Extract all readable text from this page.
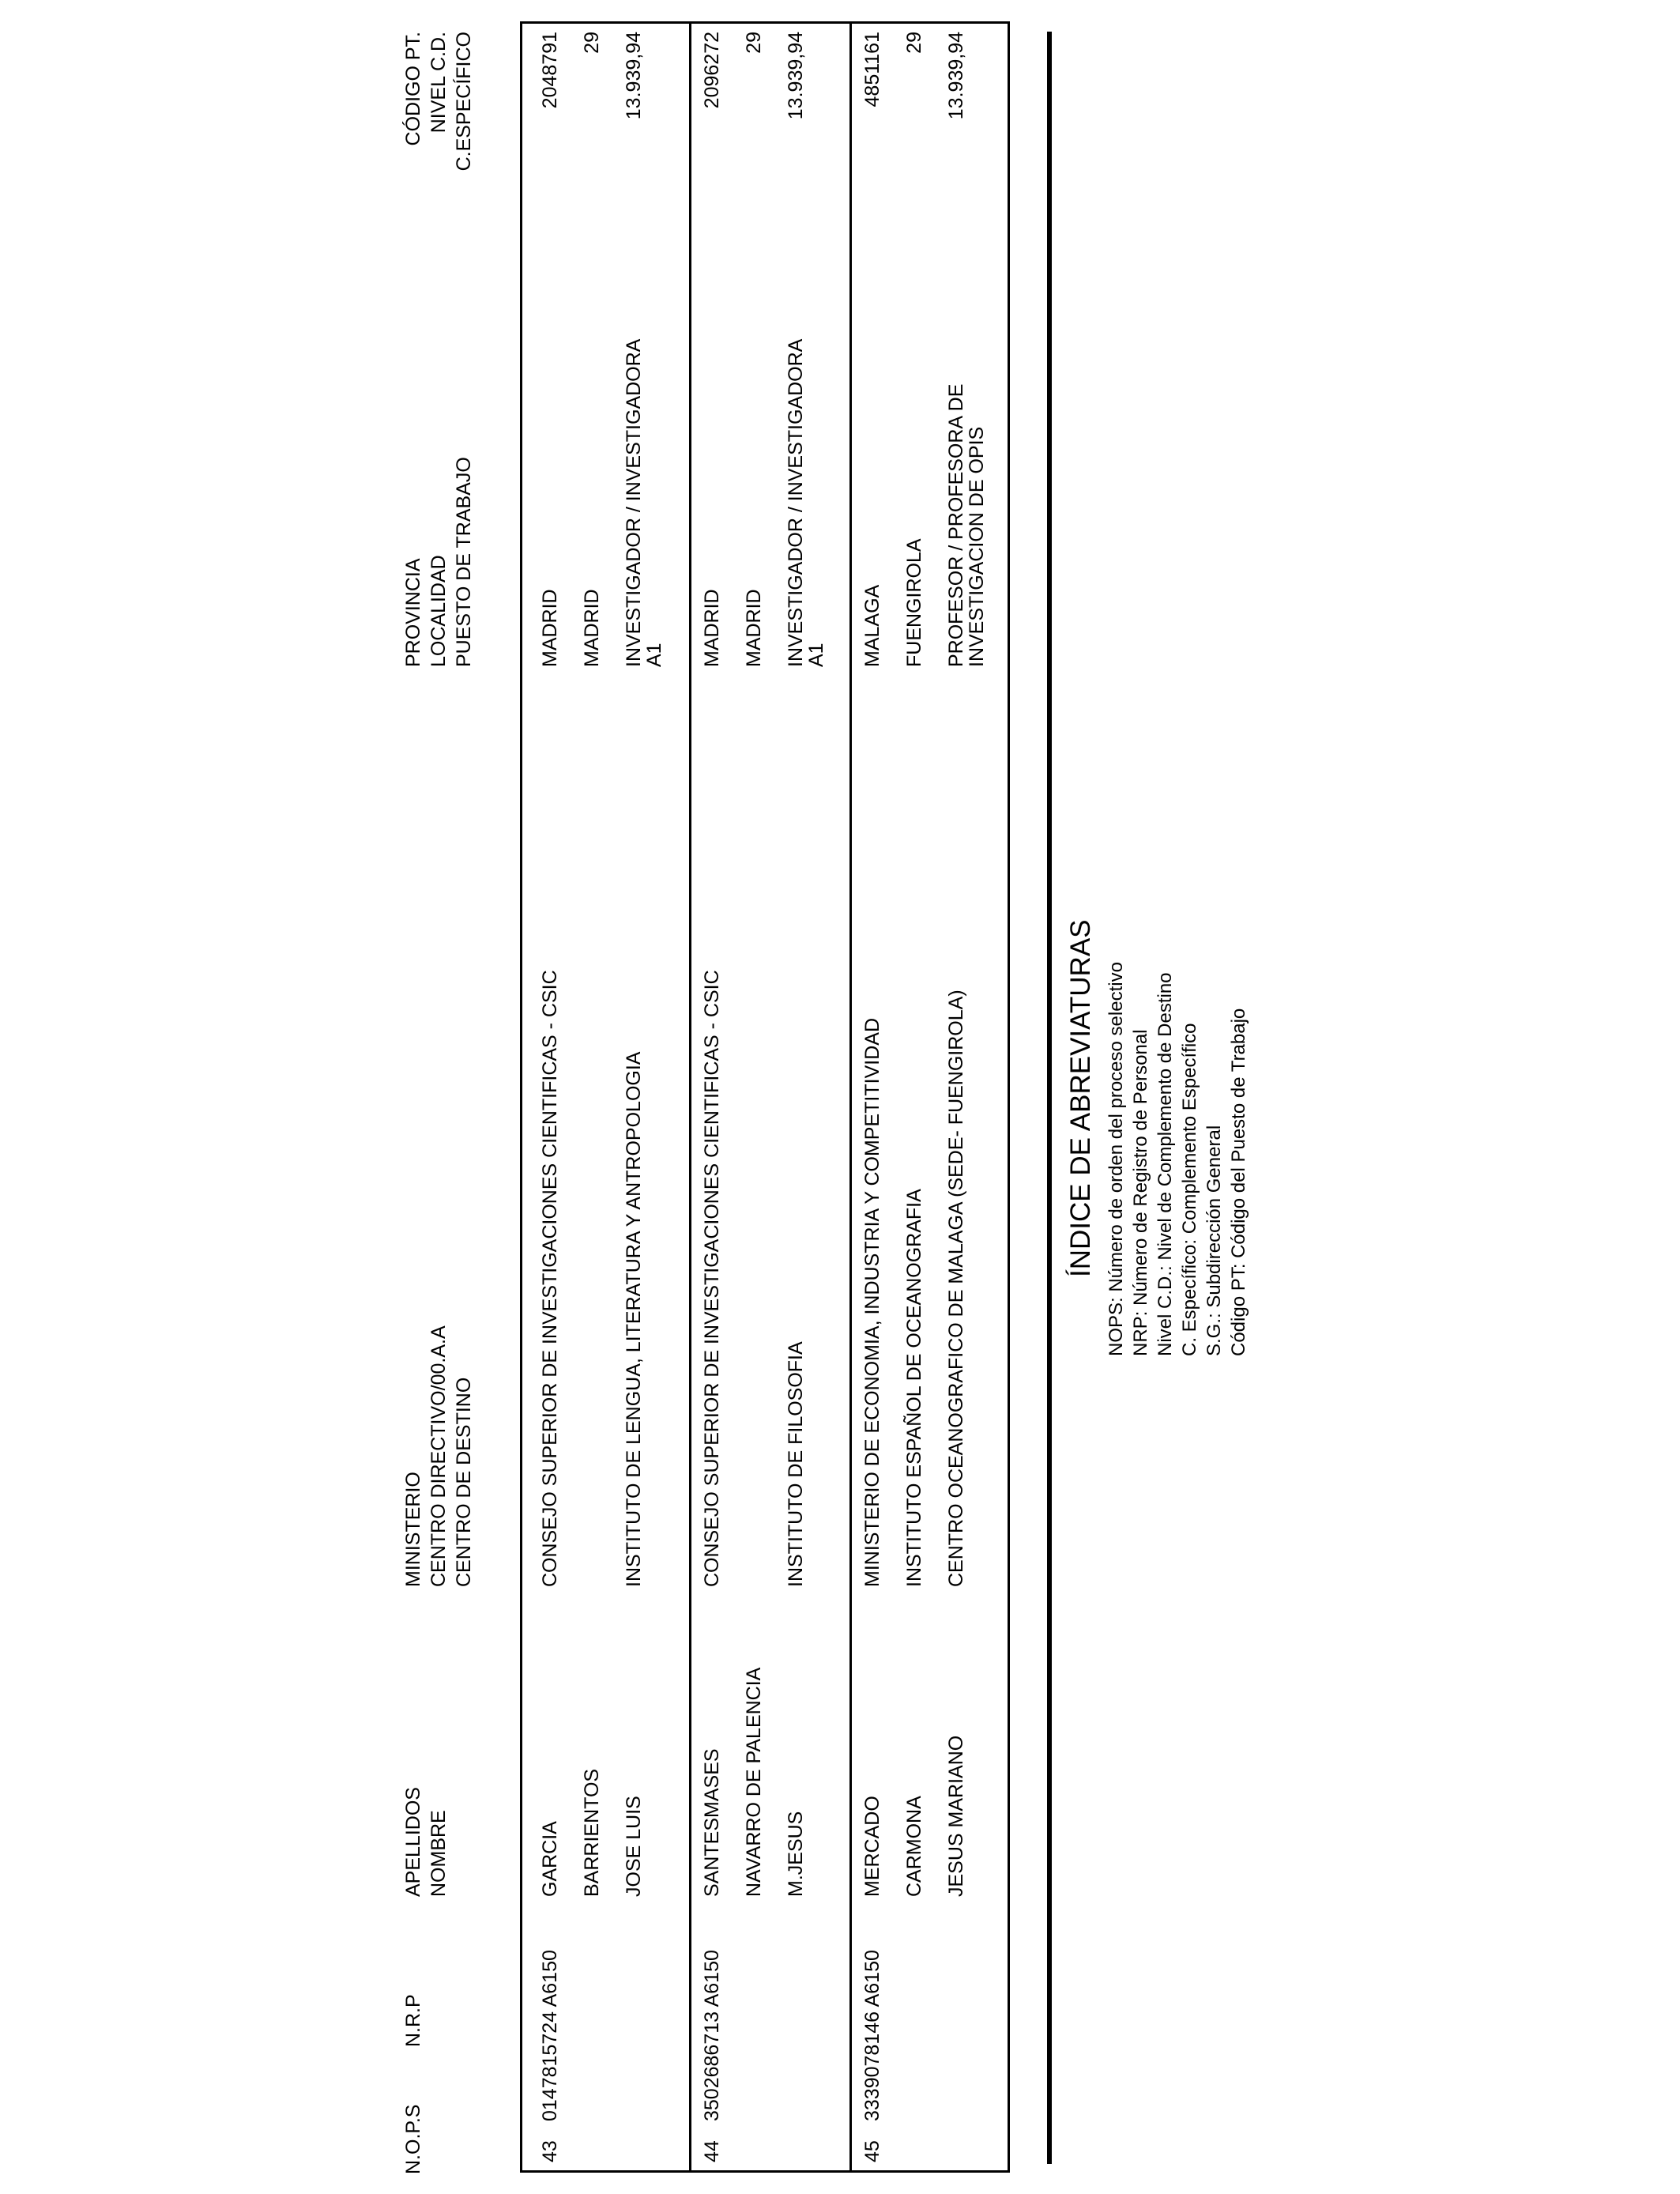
N.O.P.S
N.R.P
APELLIDOS NOMBRE
MINISTERIO CENTRO DIRECTIVO/00.A.A CENTRO DE DESTINO
PROVINCIA LOCALIDAD PUESTO DE TRABAJO
CÓDIGO PT. NIVEL C.D. C.ESPECÍFICO
43
0147815724 A6150
GARCIA BARRIENTOS JOSE LUIS
CONSEJO SUPERIOR DE INVESTIGACIONES CIENTIFICAS - CSIC	INSTITUTO DE LENGUA, LITERATURA Y ANTROPOLOGIA
MADRID MADRID INVESTIGADOR / INVESTIGADORA
A1
2048791 29 13.939,94
44
3502686713 A6150
SANTESMASES NAVARRO DE PALENCIA M.JESUS
CONSEJO SUPERIOR DE INVESTIGACIONES CIENTIFICAS - CSIC	INSTITUTO DE FILOSOFIA
MADRID MADRID INVESTIGADOR / INVESTIGADORA
A1
2096272 29 13.939,94
45
3339078146 A6150
MERCADO CARMONA JESUS MARIANO
MINISTERIO DE ECONOMIA, INDUSTRIA Y COMPETITIVIDAD INSTITUTO ESPAÑOL DE OCEANOGRAFIA CENTRO OCEANOGRAFICO DE MALAGA (SEDE- FUENGIROLA)
MALAGA FUENGIROLA PROFESOR / PROFESORA DE
INVESTIGACION DE OPIS
4851161 29 13.939,94
ÍNDICE DE ABREVIATURAS NOPS: Número de orden del proceso selectivo NRP: Número de Registro de Personal Nivel C.D.: Nivel de Complemento de Destino C. Específico: Complemento Específico S.G.: Subdirección General Código PT: Código del Puesto de Trabajo
